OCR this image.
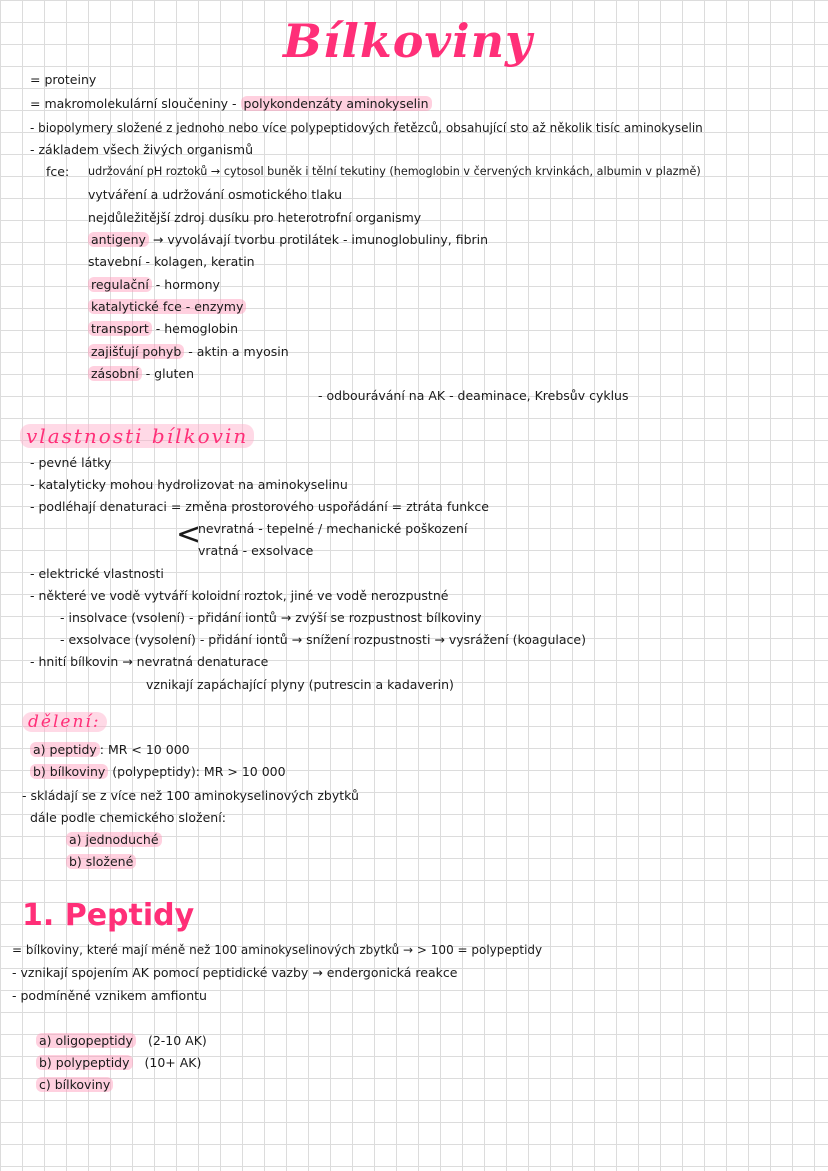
Bílkoviny
= proteiny
= makromolekulární sloučeniny - polykondenzáty aminokyselin
- biopolymery složené z jednoho nebo více polypeptidových řetězců, obsahující sto až několik tisíc aminokyselin
- základem všech živých organismů
fce: udržování pH roztoků → cytosol buněk i tělní tekutiny (hemoglobin v červených krvinkách, albumin v plazmě)
vytváření a udržování osmotického tlaku
nejdůležitější zdroj dusíku pro heterotrofní organismy
antigeny → vyvolávají tvorbu protilátek - imunoglobuliny, fibrin
stavební - kolagen, keratin
regulační - hormony
katalytické fce - enzymy
transport - hemoglobin
zajišťují pohyb - aktin a myosin
zásobní - gluten
- odbourávání na AK - deaminace, Krebsův cyklus
vlastnosti bílkovin
- pevné látky
- katalyticky mohou hydrolizovat na aminokyselinu
- podléhají denaturaci = změna prostorového uspořádání = ztráta funkce
<
nevratná - tepelné / mechanické poškození
vratná - exsolvace
- elektrické vlastnosti
- některé ve vodě vytváří koloidní roztok, jiné ve vodě nerozpustné
- insolvace (vsolení) - přidání iontů → zvýší se rozpustnost bílkoviny
- exsolvace (vysolení) - přidání iontů → snížení rozpustnosti → vysrážení (koagulace)
- hnití bílkovin → nevratná denaturace
vznikají zapáchající plyny (putrescin a kadaverin)
dělení:
a) peptidy : MR < 10 000
b) bílkoviny (polypeptidy): MR > 10 000
- skládají se z více než 100 aminokyselinových zbytků
dále podle chemického složení:
a) jednoduché
b) složené
1. Peptidy
= bílkoviny, které mají méně než 100 aminokyselinových zbytků → > 100 = polypeptidy
- vznikají spojením AK pomocí peptidické vazby → endergonická reakce
- podmíněné vznikem amfiontu
a) oligopeptidy (2-10 AK)
b) polypeptidy (10+ AK)
c) bílkoviny
